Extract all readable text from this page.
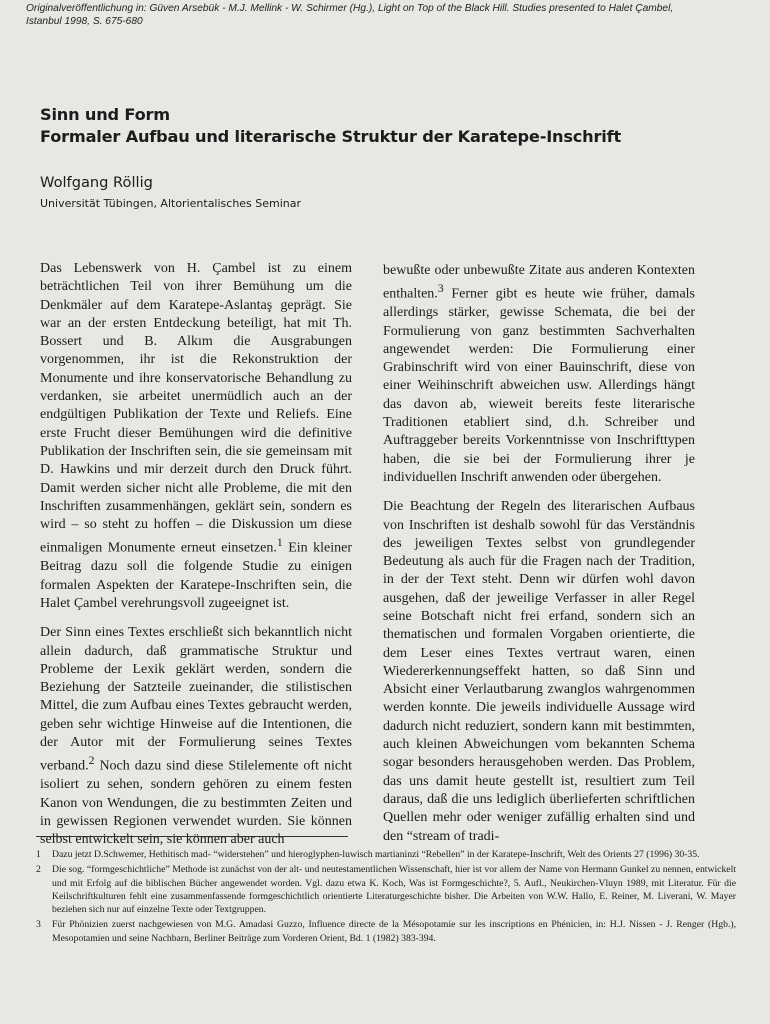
Originalveröffentlichung in: Güven Arsebük - M.J. Mellink - W. Schirmer (Hg.), Light on Top of the Black Hill. Studies presented to Halet Çambel,
Istanbul 1998, S. 675-680

Sinn und Form

Formaler Aufbau und literarische Struktur der Karatepe-Inschrift

Wolfgang Röllig
Universität Tübingen, Altorientalisches Seminar

Das Lebenswerk von H. Çambel ist zu einem beträchtlichen Teil von ihrer Bemühung um die Denkmäler auf dem Karatepe-Aslantaş geprägt. Sie war an der ersten Entdeckung beteiligt, hat mit Th. Bossert und B. Alkım die Ausgrabungen vorgenommen, ihr ist die Rekonstruktion der Monumente und ihre konservatorische Behandlung zu verdanken, sie arbeitet unermüdlich auch an der endgültigen Publikation der Texte und Reliefs. Eine erste Frucht dieser Bemühungen wird die definitive Publikation der Inschriften sein, die sie gemeinsam mit D. Hawkins und mir derzeit durch den Druck führt. Damit werden sicher nicht alle Probleme, die mit den Inschriften zusammenhängen, geklärt sein, sondern es wird – so steht zu hoffen – die Diskussion um diese einmaligen Monumente erneut einsetzen.$^1$ Ein kleiner Beitrag dazu soll die folgende Studie zu einigen formalen Aspekten der Karatepe-Inschriften sein, die Halet Çambel verehrungsvoll zugeeignet ist.

Der Sinn eines Textes erschließt sich bekanntlich nicht allein dadurch, daß grammatische Struktur und Probleme der Lexik geklärt werden, sondern die Beziehung der Satzteile zueinander, die stilistischen Mittel, die zum Aufbau eines Textes gebraucht werden, geben sehr wichtige Hinweise auf die Intentionen, die der Autor mit der Formulierung seines Textes verband.$^2$ Noch dazu sind diese Stilelemente oft nicht isoliert zu sehen, sondern gehören zu einem festen Kanon von Wendungen, die zu bestimmten Zeiten und in gewissen Regionen verwendet wurden. Sie können selbst entwickelt sein, sie können aber auch

bewußte oder unbewußte Zitate aus anderen Kontexten enthalten.$^3$ Ferner gibt es heute wie früher, damals allerdings stärker, gewisse Schemata, die bei der Formulierung von ganz bestimmten Sachverhalten angewendet werden: Die Formulierung einer Grabinschrift wird von einer Bauinschrift, diese von einer Weihinschrift abweichen usw. Allerdings hängt das davon ab, wieweit bereits feste literarische Traditionen etabliert sind, d.h. Schreiber und Auftraggeber bereits Vorkenntnisse von Inschrifttypen haben, die sie bei der Formulierung ihrer je individuellen Inschrift anwenden oder übergehen.

Die Beachtung der Regeln des literarischen Aufbaus von Inschriften ist deshalb sowohl für das Verständnis des jeweiligen Textes selbst von grundlegender Bedeutung als auch für die Fragen nach der Tradition, in der der Text steht. Denn wir dürfen wohl davon ausgehen, daß der jeweilige Verfasser in aller Regel seine Botschaft nicht frei erfand, sondern sich an thematischen und formalen Vorgaben orientierte, die dem Leser eines Textes vertraut waren, einen Wiedererkennungseffekt hatten, so daß Sinn und Absicht einer Verlautbarung zwanglos wahrgenommen werden konnte. Die jeweils individuelle Aussage wird dadurch nicht reduziert, sondern kann mit bestimmten, auch kleinen Abweichungen vom bekannten Schema sogar besonders herausgehoben werden. Das Problem, das uns damit heute gestellt ist, resultiert zum Teil daraus, daß die uns lediglich überlieferten schriftlichen Quellen mehr oder weniger zufällig erhalten sind und den “stream of tradi-

1 Dazu jetzt D.Schwemer, Hethitisch mad- “widerstehen” und hieroglyphen-luwisch martianinzi “Rebellen” in der Karatepe-Inschrift, Welt des Orients 27 (1996) 30-35.
2 Die sog. “formgeschichtliche” Methode ist zunächst von der alt- und neutestamentlichen Wissenschaft, hier ist vor allem der Name von Hermann Gunkel zu nennen, entwickelt und mit Erfolg auf die biblischen Bücher angewendet worden. Vgl. dazu etwa K. Koch, Was ist Formgeschichte?, 5. Aufl., Neukirchen-Vluyn 1989, mit Literatur. Für die Keilschriftkulturen fehlt eine zusammenfassende formgeschichtlich orientierte Literaturgeschichte bisher. Die Arbeiten von W.W. Hallo, E. Reiner, M. Liverani, W. Mayer beziehen sich nur auf einzelne Texte oder Textgruppen.
3 Für Phönizien zuerst nachgewiesen von M.G. Amadasi Guzzo, Influence directe de la Mésopotamie sur les inscriptions en Phénicien, in: H.J. Nissen - J. Renger (Hgb.), Mesopotamien und seine Nachbarn, Berliner Beiträge zum Vorderen Orient, Bd. 1 (1982) 383-394.
